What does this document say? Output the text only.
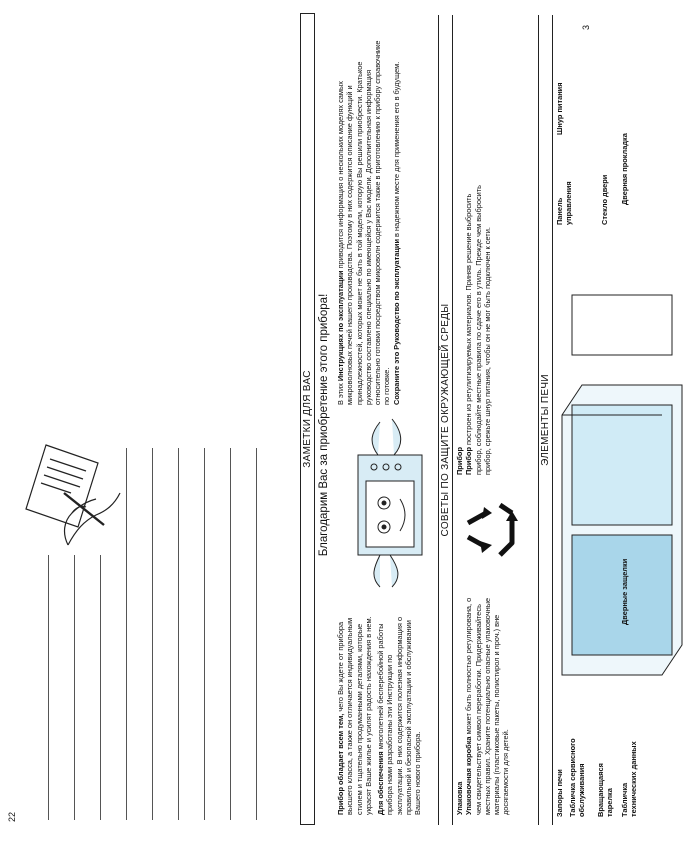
22
3
ЗАМЕТКИ ДЛЯ ВАС Благодарим Вас за приобретение этого прибора!

Прибор обладает всем тем, чего Вы ждете от прибора высшего класса, а также он отличается индивидуальным стилем и тщательно продуманными деталями, которые украсят Ваше жилье и усилят радость нахождения в нем. Для обеспечения многолетней бесперебойной работы прибора нами разработаны эти Инструкции по эксплуатации. В них содержится полезная информация о правильной и безопасной эксплуатации и обслуживании Вашего нового прибора.

В этих Инструкциях по эксплуатации приводится информация о нескольких моделях самых микроволновых печей нашего производства. Поэтому в них содержится описание функций и принадлежностей, которых может не быть в той модели, которую Вы решили приобрести. Кратькое руководство составлено специально по имеющейся у Вас модели. Дополнительная информация относительно готовки посредством микроволн содержится также в приготовлению к прибору справочнике по готовке. Сохраните это Руководство по эксплуатации в надежном месте для применения его в будущем.

СОВЕТЫ ПО ЗАЩИТЕ ОКРУЖАЮЩЕЙ СРЕДЫ

Упаковка Упаковочная коробка может быть полностью регулирована, о чем свидетельствует символ переработки. Придерживайтесь местных правил. Храните потенциально опасные упаковочные материалы (пластиковые пакеты, полистирол и проч.) вне досягаемости для детей.

Прибор Прибор построен из регулитизируемых материалов. Приняв решение выбросить прибор, соблюдайте местные правила по сдаче его в утиль. Прежде чем выбросить прибор, срежьте шнур питания, чтобы он не мог быть подключен к сети.	ЭЛЕМЕНТЫ ПЕЧИ
Запоры печи Табличка сервисного обслуживания Вращающаяся тарелка Табличка технических данных
Дверные защелки
Панель управления
Шнур питания
Стекло двери Дверная прокладка
